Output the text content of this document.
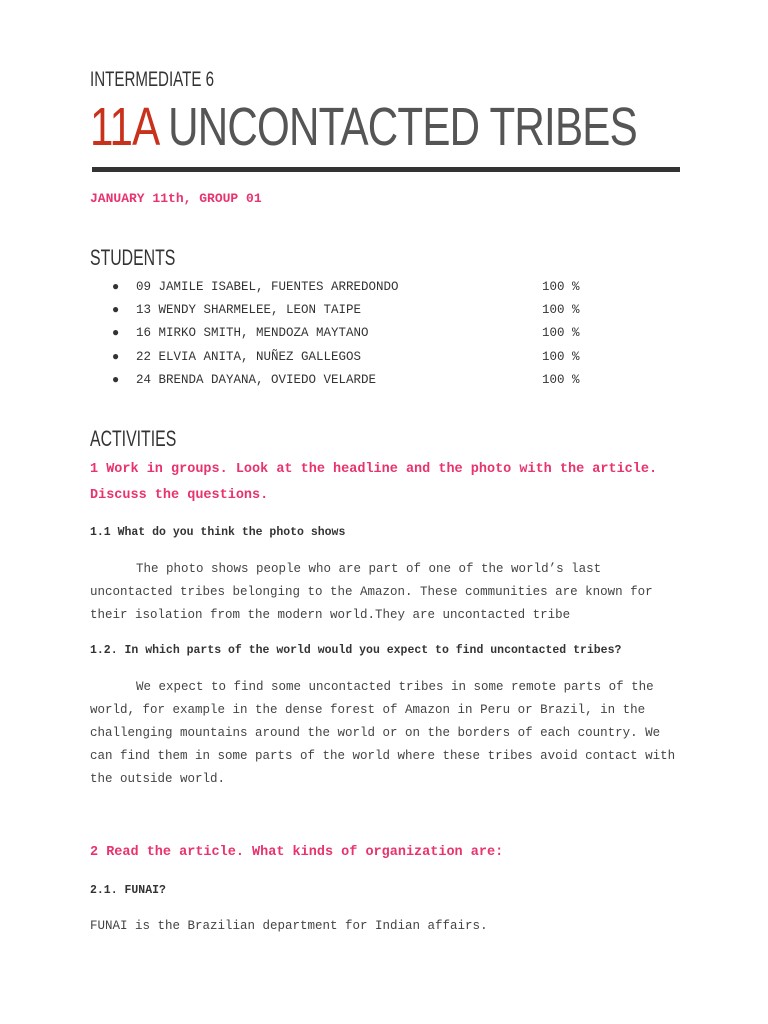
INTERMEDIATE 6
11A UNCONTACTED TRIBES
JANUARY 11th, GROUP 01
STUDENTS
● 09 JAMILE ISABEL, FUENTES ARREDONDO	100 %
● 13 WENDY SHARMELEE, LEON TAIPE	100 %
● 16 MIRKO SMITH, MENDOZA MAYTANO	100 %
● 22 ELVIA ANITA, NUÑEZ GALLEGOS	100 %
● 24 BRENDA DAYANA, OVIEDO VELARDE	100 %
ACTIVITIES
1 Work in groups. Look at the headline and the photo with the article. Discuss the questions.
1.1 What do you think the photo shows

The photo shows people who are part of one of the world’s last uncontacted tribes belonging to the Amazon. These communities are known for their isolation from the modern world.They are uncontacted tribe

1.2. In which parts of the world would you expect to find uncontacted tribes?

We expect to find some uncontacted tribes in some remote parts of the world, for example in the dense forest of Amazon in Peru or Brazil, in the challenging mountains around the world or on the borders of each country. We can find them in some parts of the world where these tribes avoid contact with the outside world.

2 Read the article. What kinds of organization are:
2.1. FUNAI?

FUNAI is the Brazilian department for Indian affairs.
